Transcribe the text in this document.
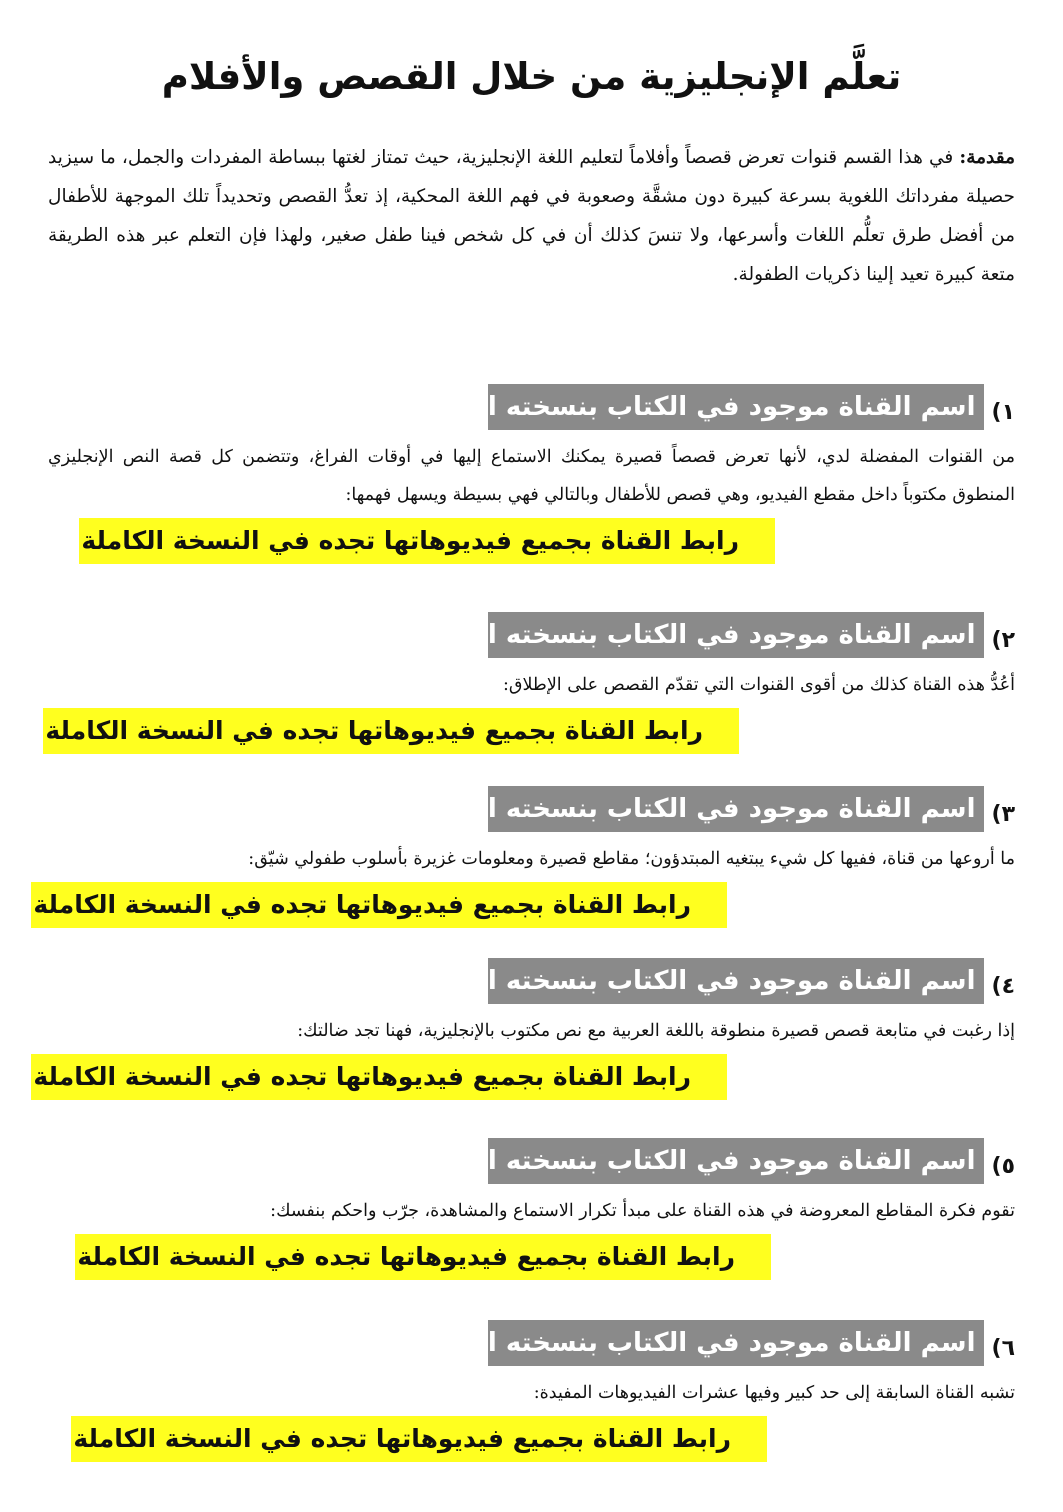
تعلَّم الإنجليزية من خلال القصص والأفلام

مقدمة: في هذا القسم قنوات تعرض قصصاً وأفلاماً لتعليم اللغة الإنجليزية، حيث تمتاز لغتها ببساطة المفردات والجمل، ما سيزيد حصيلة مفرداتك اللغوية بسرعة كبيرة دون مشقَّة وصعوبة في فهم اللغة المحكية، إذ تعدُّ القصص وتحديداً تلك الموجهة للأطفال من أفضل طرق تعلُّم اللغات وأسرعها، ولا تنسَ كذلك أن في كل شخص فينا طفل صغير، ولهذا فإن التعلم عبر هذه الطريقة متعة كبيرة تعيد إلينا ذكريات الطفولة.

١)
اسم القناة موجود في الكتاب بنسخته الكاملة
من القنوات المفضلة لدي، لأنها تعرض قصصاً قصيرة يمكنك الاستماع إليها في أوقات الفراغ، وتتضمن كل قصة النص الإنجليزي المنطوق مكتوباً داخل مقطع الفيديو، وهي قصص للأطفال وبالتالي فهي بسيطة ويسهل فهمها:
رابط القناة بجميع فيديوهاتها تجده في النسخة الكاملة
٢)
اسم القناة موجود في الكتاب بنسخته الكاملة
أعُدُّ هذه القناة كذلك من أقوى القنوات التي تقدّم القصص على الإطلاق:
رابط القناة بجميع فيديوهاتها تجده في النسخة الكاملة
٣)
اسم القناة موجود في الكتاب بنسخته الكاملة
ما أروعها من قناة، ففيها كل شيء يبتغيه المبتدؤون؛ مقاطع قصيرة ومعلومات غزيرة بأسلوب طفولي شيّق:
رابط القناة بجميع فيديوهاتها تجده في النسخة الكاملة
٤)
اسم القناة موجود في الكتاب بنسخته الكاملة
إذا رغبت في متابعة قصص قصيرة منطوقة باللغة العربية مع نص مكتوب بالإنجليزية، فهنا تجد ضالتك:
رابط القناة بجميع فيديوهاتها تجده في النسخة الكاملة
٥)
اسم القناة موجود في الكتاب بنسخته الكاملة
تقوم فكرة المقاطع المعروضة في هذه القناة على مبدأ تكرار الاستماع والمشاهدة، جرّب واحكم بنفسك:
رابط القناة بجميع فيديوهاتها تجده في النسخة الكاملة
٦)
اسم القناة موجود في الكتاب بنسخته الكاملة
تشبه القناة السابقة إلى حد كبير وفيها عشرات الفيديوهات المفيدة:
رابط القناة بجميع فيديوهاتها تجده في النسخة الكاملة
